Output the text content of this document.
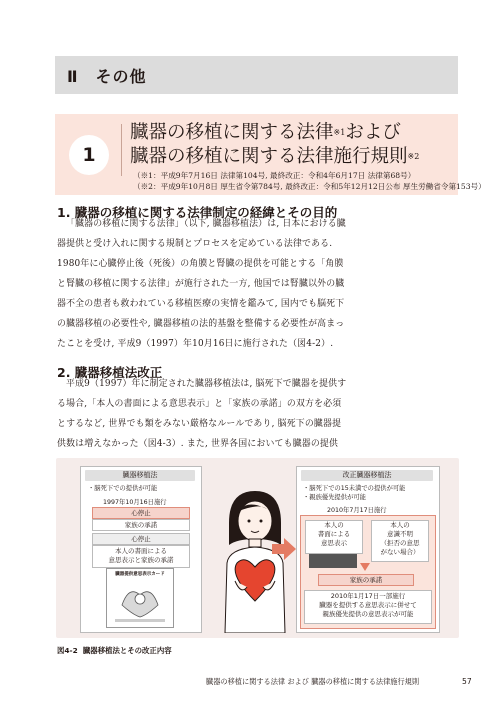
Ⅱ　その他
1
臓器の移植に関する法律$^{※1}$および
臓器の移植に関する法律施行規則$^{※2}$
（※1：平成9年7月16日 法律第104号, 最終改正：令和4年6月17日 法律第68号）
（※2：平成9年10月8日 厚生省令第784号, 最終改正：令和5年12月12日公布 厚生労働省令第153号）
1. 臓器の移植に関する法律制定の経緯とその目的
「臓器の移植に関する法律」（以下, 臓器移植法）は, 日本における臓
器提供と受け入れに関する規制とプロセスを定めている法律である.
1980年に心臓停止後（死後）の角膜と腎臓の提供を可能とする「角膜
と腎臓の移植に関する法律」が施行された一方, 他国では腎臓以外の臓
器不全の患者も救われている移植医療の実情を鑑みて, 国内でも脳死下
の臓器移植の必要性や, 臓器移植の法的基盤を整備する必要性が高まっ
たことを受け, 平成9（1997）年10月16日に施行された（図4-2）.
2. 臓器移植法改正
平成9（1997）年に制定された臓器移植法は, 脳死下で臓器を提供す
る場合,「本人の書面による意思表示」と「家族の承諾」の双方を必須
とするなど, 世界でも類をみない厳格なルールであり, 脳死下の臓器提
供数は増えなかった（図4-3）. また, 世界各国においても臓器の提供
臓器移植法
・脳死下での提供が可能
1997年10月16日施行
心停止
家族の承諾
心停止
本人の書面による
意思表示と家族の承諾
臓器提供意思表示カード
改正臓器移植法
・脳死下での15未満での提供が可能
・親族優先提供が可能
2010年7月17日施行
本人の
書面による
意思表示
本人の
意識不明
（拒否の意思
がない場合）
家族の承諾
2010年1月17日一部施行
臓器を提供する意思表示に併せて
親族優先提供の意思表示が可能
図4-2 臓器移植法とその改正内容
臓器の移植に関する法律 および 臓器の移植に関する法律施行規則	57
